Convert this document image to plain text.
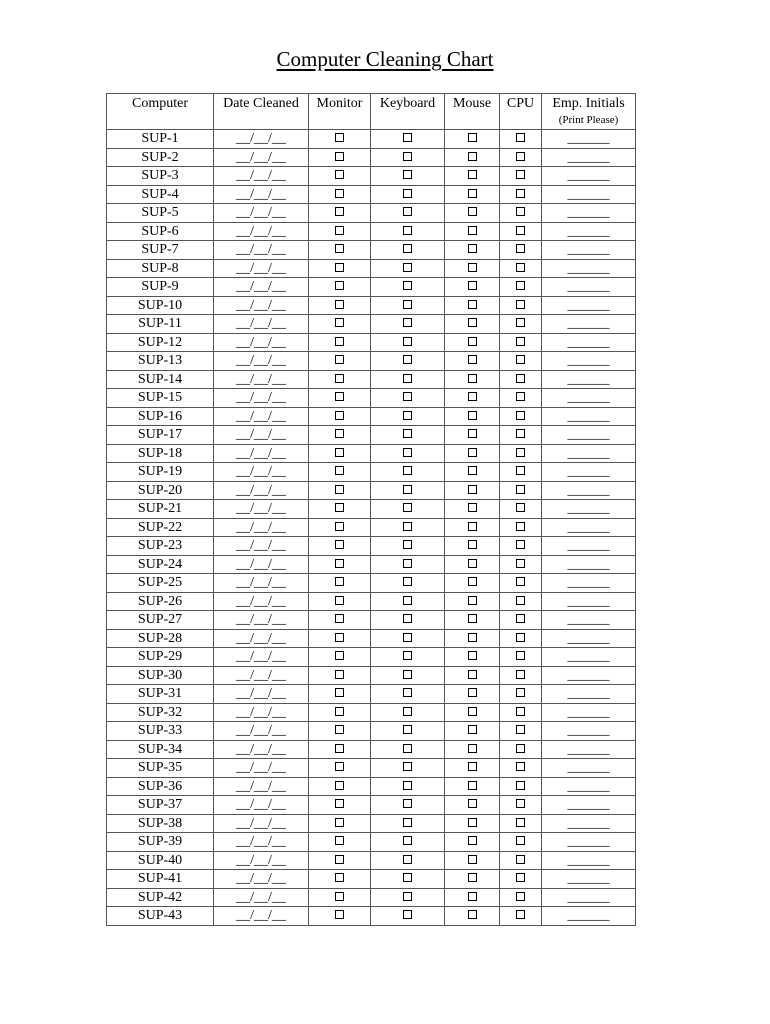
Computer Cleaning Chart
Computer	Date Cleaned	Monitor	Keyboard	Mouse	CPU	Emp. Initials
(Print Please)

SUP-1	__/__/__					______
SUP-2	__/__/__					______
SUP-3	__/__/__					______
SUP-4	__/__/__					______
SUP-5	__/__/__					______
SUP-6	__/__/__					______
SUP-7	__/__/__					______
SUP-8	__/__/__					______
SUP-9	__/__/__					______
SUP-10	__/__/__					______
SUP-11	__/__/__					______
SUP-12	__/__/__					______
SUP-13	__/__/__					______
SUP-14	__/__/__					______
SUP-15	__/__/__					______
SUP-16	__/__/__					______
SUP-17	__/__/__					______
SUP-18	__/__/__					______
SUP-19	__/__/__					______
SUP-20	__/__/__					______
SUP-21	__/__/__					______
SUP-22	__/__/__					______
SUP-23	__/__/__					______
SUP-24	__/__/__					______
SUP-25	__/__/__					______
SUP-26	__/__/__					______
SUP-27	__/__/__					______
SUP-28	__/__/__					______
SUP-29	__/__/__					______
SUP-30	__/__/__					______
SUP-31	__/__/__					______
SUP-32	__/__/__					______
SUP-33	__/__/__					______
SUP-34	__/__/__					______
SUP-35	__/__/__					______
SUP-36	__/__/__					______
SUP-37	__/__/__					______
SUP-38	__/__/__					______
SUP-39	__/__/__					______
SUP-40	__/__/__					______
SUP-41	__/__/__					______
SUP-42	__/__/__					______
SUP-43	__/__/__					______
